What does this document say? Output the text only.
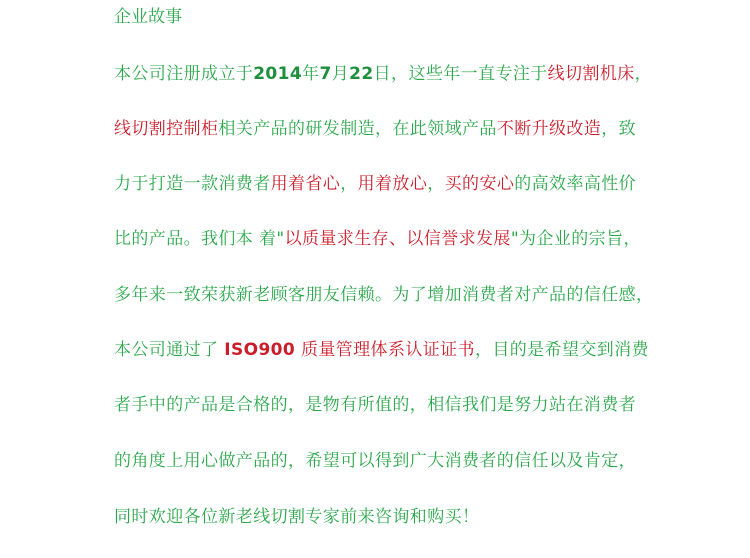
企业故事
本公司注册成立于2014年7月22日，这些年一直专注于线切割机床，
线切割控制柜相关产品的研发制造，在此领域产品不断升级改造，致
力于打造一款消费者用着省心，用着放心，买的安心的高效率高性价
比的产品。我们本 着"以质量求生存、以信誉求发展"为企业的宗旨，
多年来一致荣获新老顾客朋友信赖。为了增加消费者对产品的信任感，
本公司通过了 ISO900 质量管理体系认证证书，目的是希望交到消费
者手中的产品是合格的，是物有所值的，相信我们是努力站在消费者
的角度上用心做产品的，希望可以得到广大消费者的信任以及肯定，
同时欢迎各位新老线切割专家前来咨询和购买！
